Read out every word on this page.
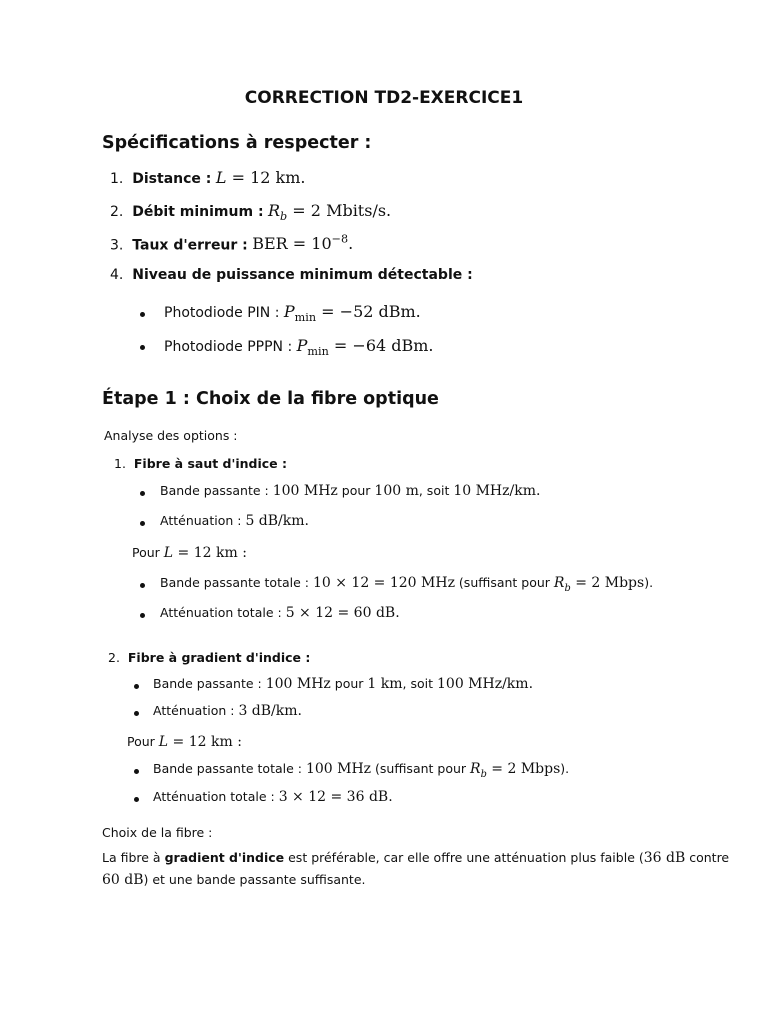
CORRECTION TD2-EXERCICE1
Spécifications à respecter :
1. Distance : L = 12 km.
2. Débit minimum : $R_b = 2$ Mbits/s.
3. Taux d'erreur : BER = $10^{-8}$.
4. Niveau de puissance minimum détectable :
Photodiode PIN : $P_{min} = -52$ dBm.
Photodiode PPPN : $P_{min} = -64$ dBm.
Étape 1 : Choix de la fibre optique
Analyse des options :
1. Fibre à saut d'indice :
Bande passante : 100 MHz pour 100 m, soit 10 MHz/km.
Atténuation : 5 dB/km.
Pour L = 12 km :
Bande passante totale : 10 × 12 = 120 MHz (suffisant pour $R_b = 2$ Mbps).
Atténuation totale : 5 × 12 = 60 dB.
2. Fibre à gradient d'indice :
Bande passante : 100 MHz pour 1 km, soit 100 MHz/km.
Atténuation : 3 dB/km.
Pour L = 12 km :
Bande passante totale : 100 MHz (suffisant pour $R_b = 2$ Mbps).
Atténuation totale : 3 × 12 = 36 dB.
Choix de la fibre :
La fibre à gradient d'indice est préférable, car elle offre une atténuation plus faible (36 dB contre
60 dB) et une bande passante suffisante.
